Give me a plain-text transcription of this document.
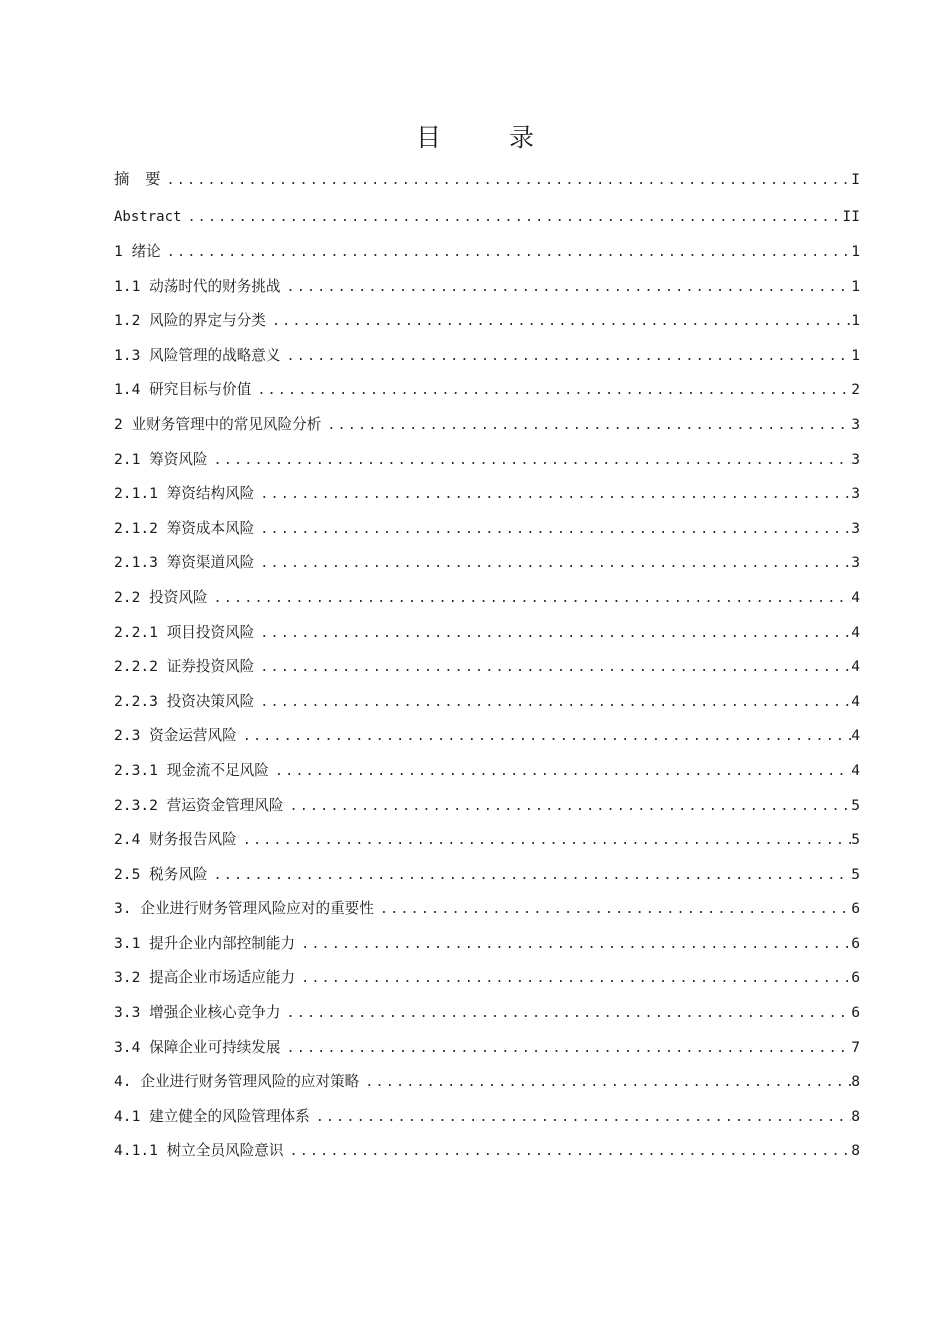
目 录
摘　要 .....	I
Abstract .....	II
1 绪论 .....	1
1.1 动荡时代的财务挑战 .....	1
1.2 风险的界定与分类 .....	1
1.3 风险管理的战略意义 .....	1
1.4 研究目标与价值 .....	2
2 业财务管理中的常见风险分析 .....	3
2.1 筹资风险 .....	3
2.1.1 筹资结构风险 .....	3
2.1.2 筹资成本风险 .....	3
2.1.3 筹资渠道风险 .....	3
2.2 投资风险 .....	4
2.2.1 项目投资风险 .....	4
2.2.2 证券投资风险 .....	4
2.2.3 投资决策风险 .....	4
2.3 资金运营风险 .....	4
2.3.1 现金流不足风险 .....	4
2.3.2 营运资金管理风险 .....	5
2.4 财务报告风险 .....	5
2.5 税务风险 .....	5
3. 企业进行财务管理风险应对的重要性 .....	6
3.1 提升企业内部控制能力 .....	6
3.2 提高企业市场适应能力 .....	6
3.3 增强企业核心竞争力 .....	6
3.4 保障企业可持续发展 .....	7
4. 企业进行财务管理风险的应对策略 .....	8
4.1 建立健全的风险管理体系 .....	8
4.1.1 树立全员风险意识 .....	8
